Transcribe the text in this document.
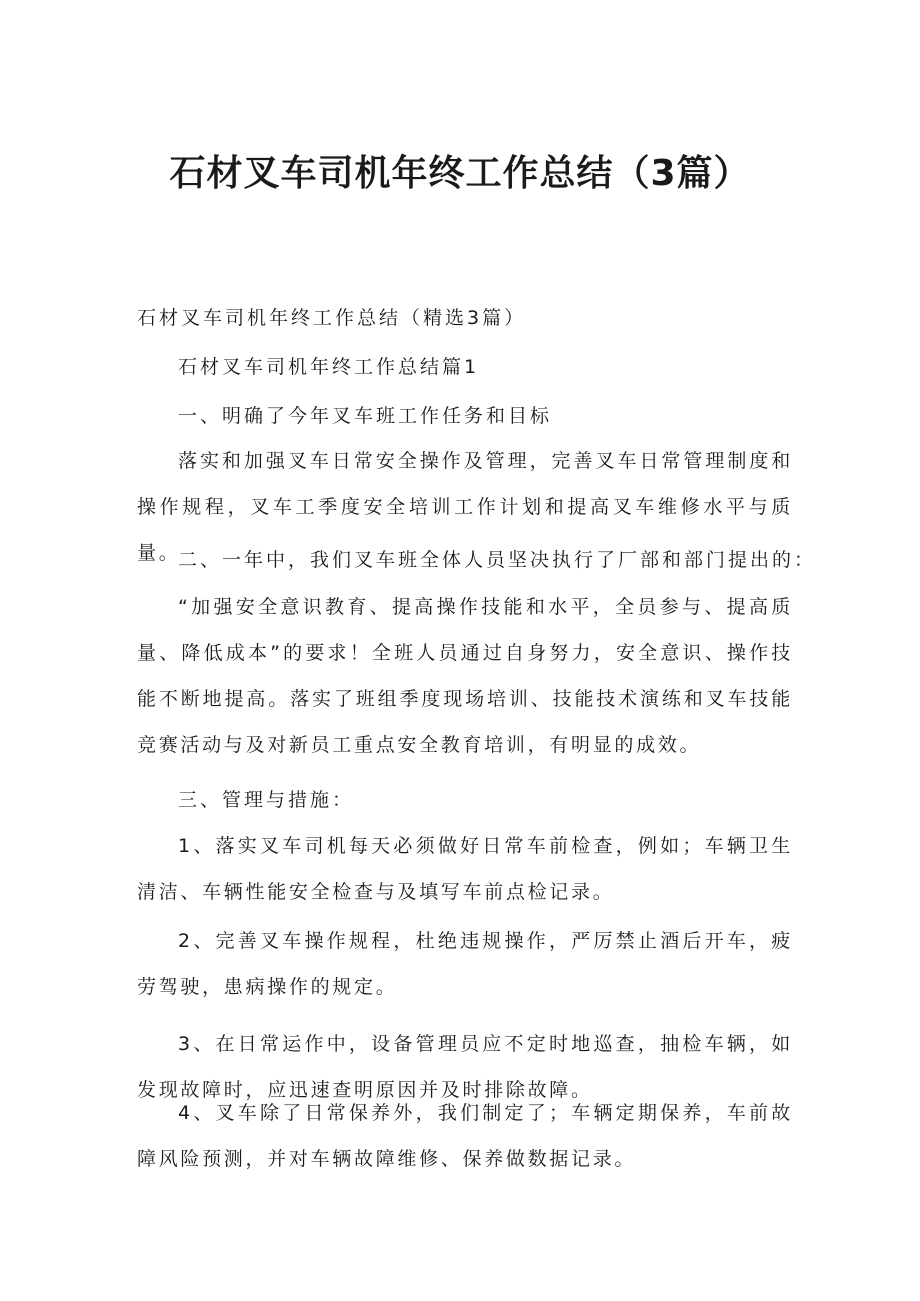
石材叉车司机年终工作总结（3篇）
石材叉车司机年终工作总结（精选3篇）
石材叉车司机年终工作总结篇1
一、明确了今年叉车班工作任务和目标

落实和加强叉车日常安全操作及管理，完善叉车日常管理制度和操作规程，叉车工季度安全培训工作计划和提高叉车维修水平与质量。

二、一年中，我们叉车班全体人员坚决执行了厂部和部门提出的：

“加强安全意识教育、提高操作技能和水平，全员参与、提高质量、降低成本”的要求！全班人员通过自身努力，安全意识、操作技能不断地提高。落实了班组季度现场培训、技能技术演练和叉车技能竞赛活动与及对新员工重点安全教育培训，有明显的成效。

三、管理与措施：

1、落实叉车司机每天必须做好日常车前检查，例如；车辆卫生清洁、车辆性能安全检查与及填写车前点检记录。

2、完善叉车操作规程，杜绝违规操作，严厉禁止酒后开车，疲劳驾驶，患病操作的规定。

3、在日常运作中，设备管理员应不定时地巡查，抽检车辆，如发现故障时，应迅速查明原因并及时排除故障。

4、叉车除了日常保养外，我们制定了；车辆定期保养，车前故障风险预测，并对车辆故障维修、保养做数据记录。
